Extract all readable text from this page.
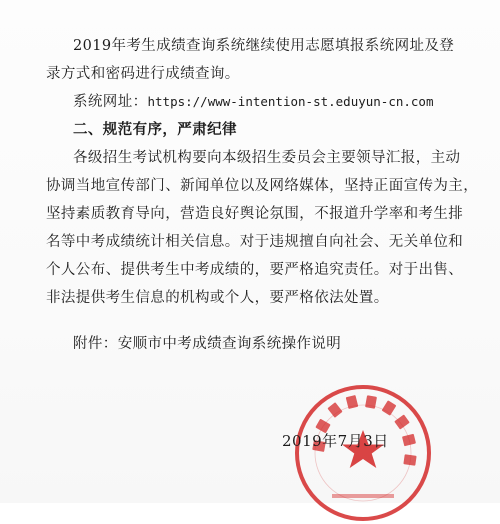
2019年考生成绩查询系统继续使用志愿填报系统网址及登
录方式和密码进行成绩查询。
系统网址：https://www-intention-st.eduyun-cn.com
二、规范有序，严肃纪律
各级招生考试机构要向本级招生委员会主要领导汇报，主动
协调当地宣传部门、新闻单位以及网络媒体，坚持正面宣传为主，
坚持素质教育导向，营造良好舆论氛围，不报道升学率和考生排
名等中考成绩统计相关信息。对于违规擅自向社会、无关单位和
个人公布、提供考生中考成绩的，要严格追究责任。对于出售、
非法提供考生信息的机构或个人，要严格依法处置。
附件：安顺市中考成绩查询系统操作说明
2019年7月3日
